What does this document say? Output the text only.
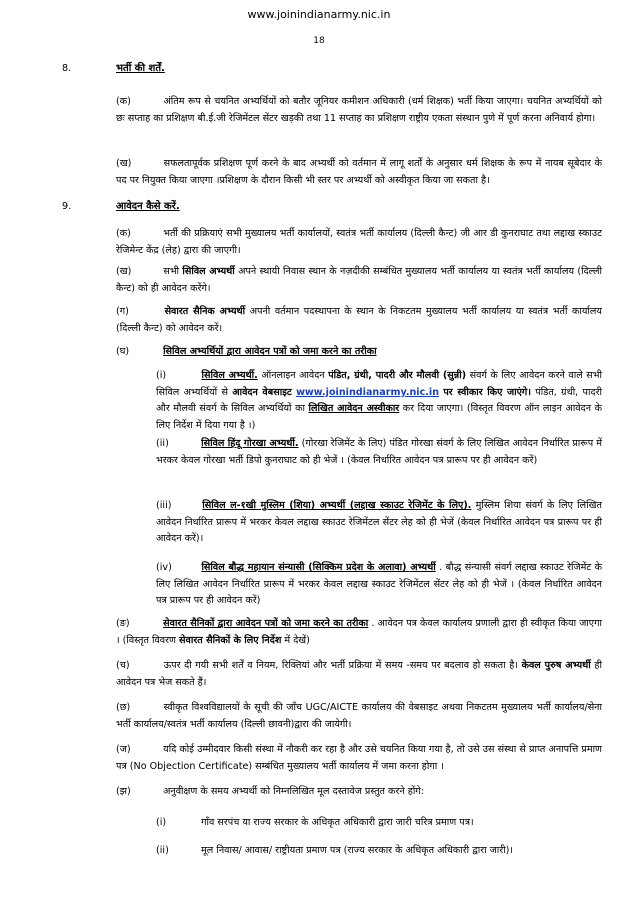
www.joinindianarmy.nic.in
18
8.	भर्ती की शर्तें.
(क)	अंतिम रूप से चयनित अभ्यर्थियों को बतौर जूनियर कमीशन अधिकारी (धर्म शिक्षक) भर्ती किया जाएगा। चयनित अभ्यर्थियों को छः सप्ताह का प्रशिक्षण बी.ई.जी रेजिमेंटल सेंटर खड़की तथा 11 सप्ताह का प्रशिक्षण राष्ट्रीय एकता संस्थान पुणे में पूर्ण करना अनिवार्य होगा।
(ख)	सफलतापूर्वक प्रशिक्षण पूर्ण करने के बाद अभ्यर्थी को वर्तमान में लागू शर्तों के अनुसार धर्म शिक्षक के रूप में नायब सूबेदार के पद पर नियुक्त किया जाएगा ।प्रशिक्षण के दौरान किसी भी स्तर पर अभ्यर्थी को अस्वीकृत किया जा सकता है।
9.	आवेदन कैसे करें.
(क)	भर्ती की प्रक्रियाएं सभी मुख्यालय भर्ती कार्यालयों, स्वतंत्र भर्ती कार्यालय (दिल्ली कैन्ट) जी आर डी कुनराघाट तथा लद्दाख स्काउट रेजिमेन्ट केंद्र (लेह) द्वारा की जाएगी।
(ख)	सभी सिविल अभ्यर्थी अपने स्थायी निवास स्थान के नज़दीकी सम्बंधित मुख्यालय भर्ती कार्यालय या स्वतंत्र भर्ती कार्यालय (दिल्ली कैन्ट) को ही आवेदन करेंगे।
(ग)	सेवारत सैनिक अभ्यर्थी अपनी वर्तमान पदस्थापना के स्थान के निकटतम मुख्यालय भर्ती कार्यालय या स्वतंत्र भर्ती कार्यालय (दिल्ली कैन्ट) को आवेदन करें।
(घ)	सिविल अभ्यर्थियों द्वारा आवेदन पत्रों को जमा करने का तरीका
(i)	सिविल अभ्यर्थी. ऑनलाइन आवेदन पंडित, ग्रंथी, पादरी और मौलवी (सुन्नी) संवर्ग के लिए आवेदन करने वाले सभी सिविल अभ्यर्थियों से आवेदन वेबसाइट www.joinindianarmy.nic.in पर स्वीकार किए जाएंगे। पंडित, ग्रंथी, पादरी और मौलवी संवर्ग के सिविल अभ्यर्थियों का लिखित आवेदन अस्वीकार कर दिया जाएगा। (विस्तृत विवरण ऑन लाइन आवेदन के लिए निर्देश में दिया गया है ।)
(ii)	सिविल हिंदू गोरखा अभ्यर्थी. (गोरखा रेजिमेंट के लिए) पंडित गोरखा संवर्ग के लिए लिखित आवेदन निर्धारित प्रारूप में भरकर केवल गोरखा भर्ती डिपो कुनराघाट को ही भेजें । (केवल निर्धारित आवेदन पत्र प्रारूप पर ही आवेदन करें)
(iii)	सिविल ल-१खी मुस्लिम (शिया) अभ्यर्थी (लद्दाख स्काउट रेजिमेंट के लिए). मुस्लिम शिया संवर्ग के लिए लिखित आवेदन निर्धारित प्रारूप में भरकर केवल लद्दाख स्काउट रेजिमेंटल सेंटर लेह को ही भेजें (केवल निर्धारित आवेदन पत्र प्रारूप पर ही आवेदन करें)।
(iv)	सिविल बौद्ध महायान संन्यासी (सिक्किम प्रदेश के अलावा) अभ्यर्थी . बौद्ध संन्यासी संवर्ग लद्दाख स्काउट रेजिमेंट के लिए लिखित आवेदन निर्धारित प्रारूप में भरकर केवल लद्दाख स्काउट रेजिमेंटल सेंटर लेह को ही भेजें । (केवल निर्धारित आवेदन पत्र प्रारूप पर ही आवेदन करें)
(ङ)	सेवारत सैनिकों द्वारा आवेदन पत्रों को जमा करने का तरीका . आवेदन पत्र केवल कार्यालय प्रणाली द्वारा ही स्वीकृत किया जाएगा । (विस्तृत विवरण सेवारत सैनिकों के लिए निर्देश में देखें)
(च)	ऊपर दी गयी सभी शर्तें व नियम, रिक्तियां और भर्ती प्रक्रिया में समय -समय पर बदलाव हो सकता है। केवल पुरुष अभ्यर्थी ही आवेदन पत्र भेज सकते हैं।
(छ)	स्वीकृत विश्वविद्यालयों के सूची की जाँच UGC/AICTE कार्यालय की वेबसाइट अथवा निकटतम मुख्यालय भर्ती कार्यालय/सेना भर्ती कार्यालय/स्वतंत्र भर्ती कार्यालय (दिल्ली छावनी)द्वारा की जायेगी।
(ज)	यदि कोई उम्मीदवार किसी संस्था में नौकरी कर रहा है और उसे चयनित किया गया है, तो उसे उस संस्था से प्राप्त अनापत्ति प्रमाण पत्र (No Objection Certificate) सम्बंधित मुख्यालय भर्ती कार्यालय में जमा करना होगा ।
(झ)	अनुवीक्षण के समय अभ्यर्थी को निम्नलिखित मूल दस्तावेज प्रस्तुत करने होंगे:
(i)	गाँव सरपंच या राज्य सरकार के अधिकृत अधिकारी द्वारा जारी चरित्र प्रमाण पत्र।
(ii)	मूल निवास/ आवास/ राष्ट्रीयता प्रमाण पत्र (राज्य सरकार के अधिकृत अधिकारी द्वारा जारी)।
